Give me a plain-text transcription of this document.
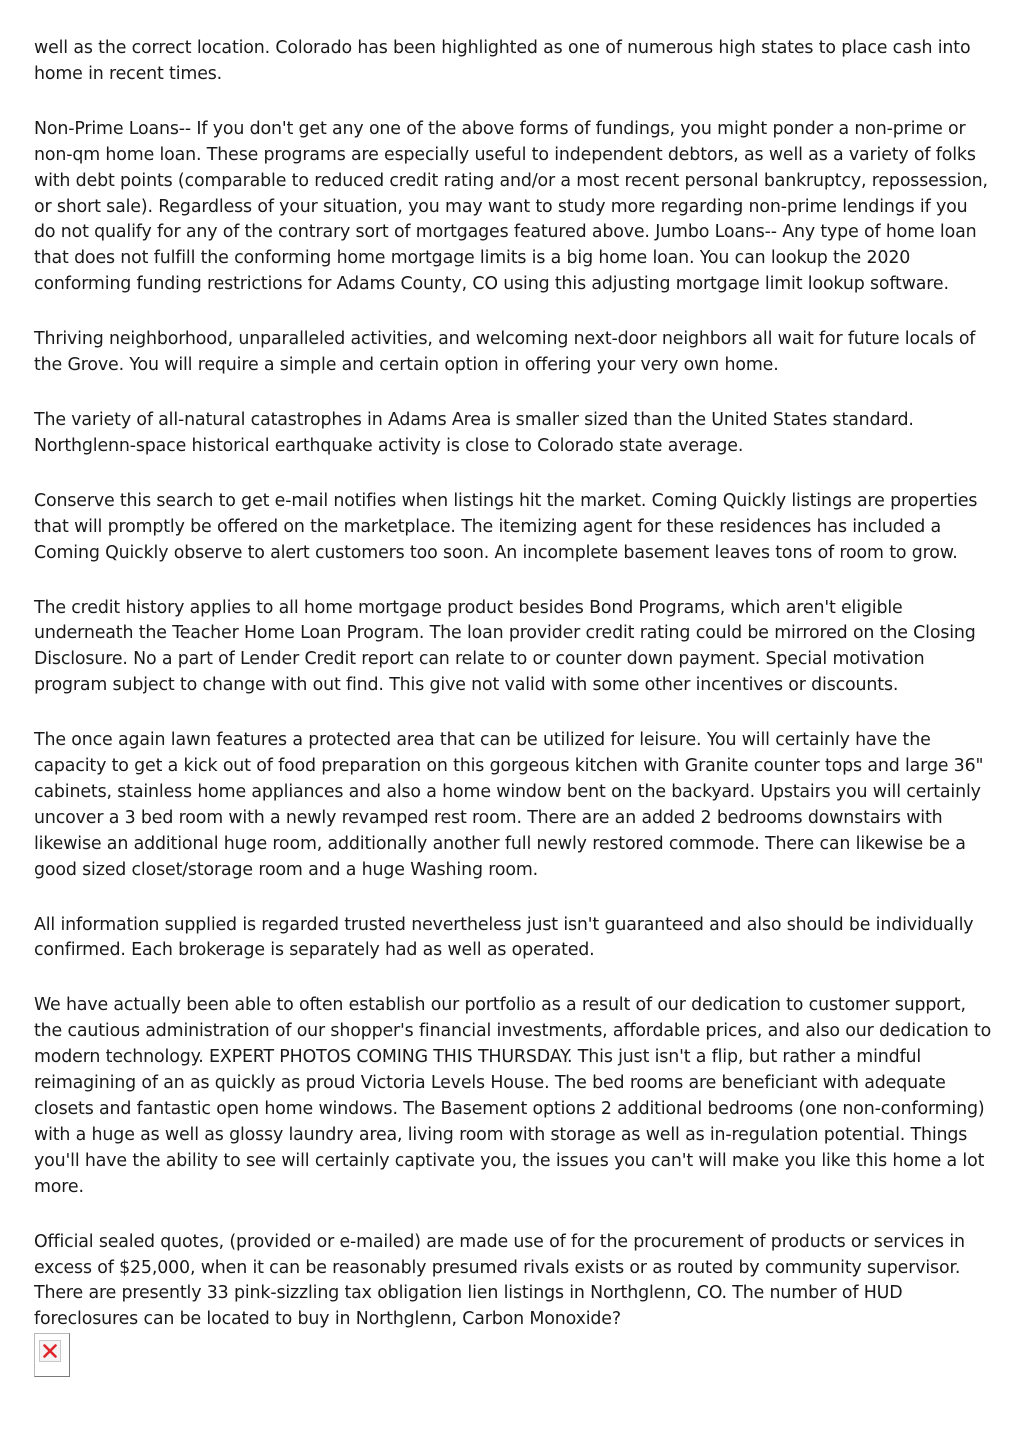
well as the correct location. Colorado has been highlighted as one of numerous high states to place cash into home in recent times.

Non-Prime Loans-- If you don't get any one of the above forms of fundings, you might ponder a non-prime or non-qm home loan. These programs are especially useful to independent debtors, as well as a variety of folks with debt points (comparable to reduced credit rating and/or a most recent personal bankruptcy, repossession, or short sale). Regardless of your situation, you may want to study more regarding non-prime lendings if you do not qualify for any of the contrary sort of mortgages featured above. Jumbo Loans-- Any type of home loan that does not fulfill the conforming home mortgage limits is a big home loan. You can lookup the 2020 conforming funding restrictions for Adams County, CO using this adjusting mortgage limit lookup software.

Thriving neighborhood, unparalleled activities, and welcoming next-door neighbors all wait for future locals of the Grove. You will require a simple and certain option in offering your very own home.

The variety of all-natural catastrophes in Adams Area is smaller sized than the United States standard. Northglenn-space historical earthquake activity is close to Colorado state average.

Conserve this search to get e-mail notifies when listings hit the market. Coming Quickly listings are properties that will promptly be offered on the marketplace. The itemizing agent for these residences has included a Coming Quickly observe to alert customers too soon. An incomplete basement leaves tons of room to grow.

The credit history applies to all home mortgage product besides Bond Programs, which aren't eligible underneath the Teacher Home Loan Program. The loan provider credit rating could be mirrored on the Closing Disclosure. No a part of Lender Credit report can relate to or counter down payment. Special motivation program subject to change with out find. This give not valid with some other incentives or discounts.

The once again lawn features a protected area that can be utilized for leisure. You will certainly have the capacity to get a kick out of food preparation on this gorgeous kitchen with Granite counter tops and large 36" cabinets, stainless home appliances and also a home window bent on the backyard. Upstairs you will certainly uncover a 3 bed room with a newly revamped rest room. There are an added 2 bedrooms downstairs with likewise an additional huge room, additionally another full newly restored commode. There can likewise be a good sized closet/storage room and a huge Washing room.

All information supplied is regarded trusted nevertheless just isn't guaranteed and also should be individually confirmed. Each brokerage is separately had as well as operated.

We have actually been able to often establish our portfolio as a result of our dedication to customer support, the cautious administration of our shopper's financial investments, affordable prices, and also our dedication to modern technology. EXPERT PHOTOS COMING THIS THURSDAY. This just isn't a flip, but rather a mindful reimagining of an as quickly as proud Victoria Levels House. The bed rooms are beneficiant with adequate closets and fantastic open home windows. The Basement options 2 additional bedrooms (one non-conforming) with a huge as well as glossy laundry area, living room with storage as well as in-regulation potential. Things you'll have the ability to see will certainly captivate you, the issues you can't will make you like this home a lot more.

Official sealed quotes, (provided or e-mailed) are made use of for the procurement of products or services in excess of $25,000, when it can be reasonably presumed rivals exists or as routed by community supervisor. There are presently 33 pink-sizzling tax obligation lien listings in Northglenn, CO. The number of HUD foreclosures can be located to buy in Northglenn, Carbon Monoxide?
